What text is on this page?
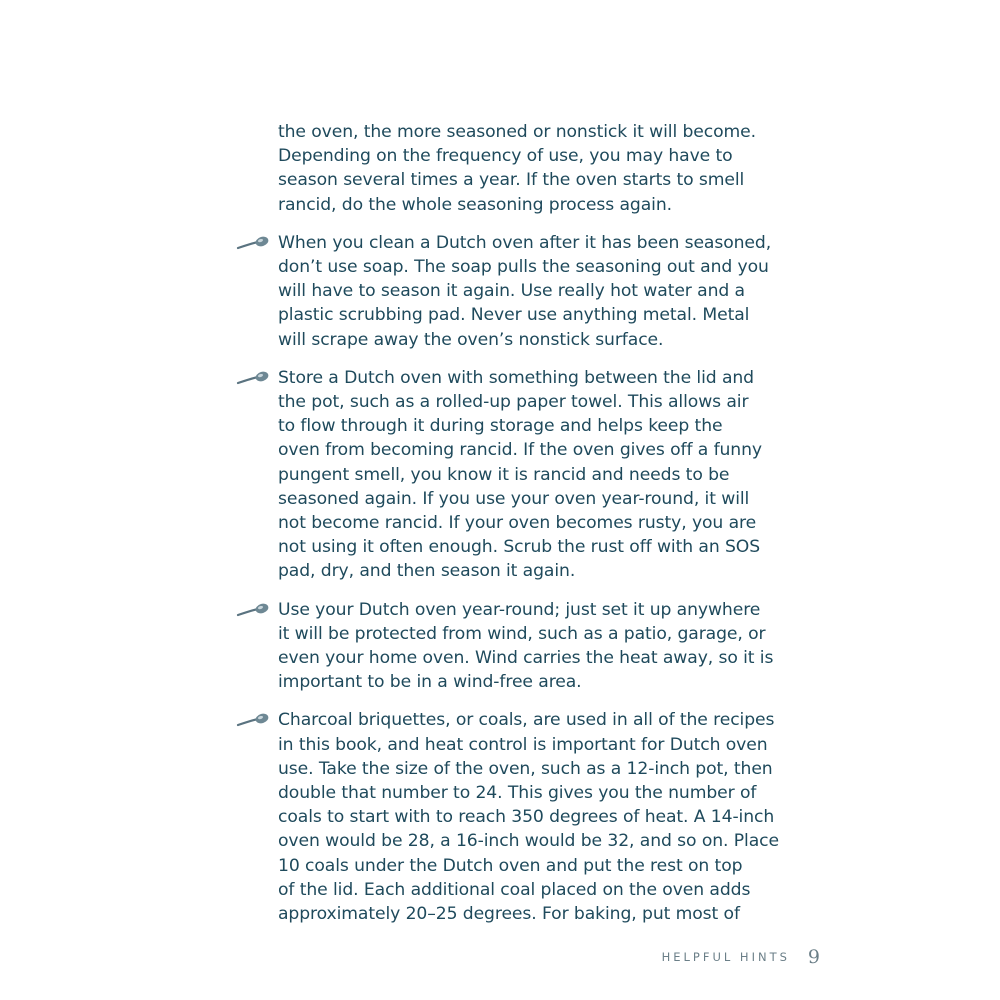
the oven, the more seasoned or nonstick it will become.
Depending on the frequency of use, you may have to
season several times a year. If the oven starts to smell
rancid, do the whole seasoning process again.

When you clean a Dutch oven after it has been seasoned,
don’t use soap. The soap pulls the seasoning out and you
will have to season it again. Use really hot water and a
plastic scrubbing pad. Never use anything metal. Metal
will scrape away the oven’s nonstick surface.

Store a Dutch oven with something between the lid and
the pot, such as a rolled-up paper towel. This allows air
to flow through it during storage and helps keep the
oven from becoming rancid. If the oven gives off a funny
pungent smell, you know it is rancid and needs to be
seasoned again. If you use your oven year-round, it will
not become rancid. If your oven becomes rusty, you are
not using it often enough. Scrub the rust off with an SOS
pad, dry, and then season it again.

Use your Dutch oven year-round; just set it up anywhere
it will be protected from wind, such as a patio, garage, or
even your home oven. Wind carries the heat away, so it is
important to be in a wind-free area.

Charcoal briquettes, or coals, are used in all of the recipes
in this book, and heat control is important for Dutch oven
use. Take the size of the oven, such as a 12-inch pot, then
double that number to 24. This gives you the number of
coals to start with to reach 350 degrees of heat. A 14-inch
oven would be 28, a 16-inch would be 32, and so on. Place
10 coals under the Dutch oven and put the rest on top
of the lid. Each additional coal placed on the oven adds
approximately 20–25 degrees. For baking, put most of

HELPFUL HINTS 9
